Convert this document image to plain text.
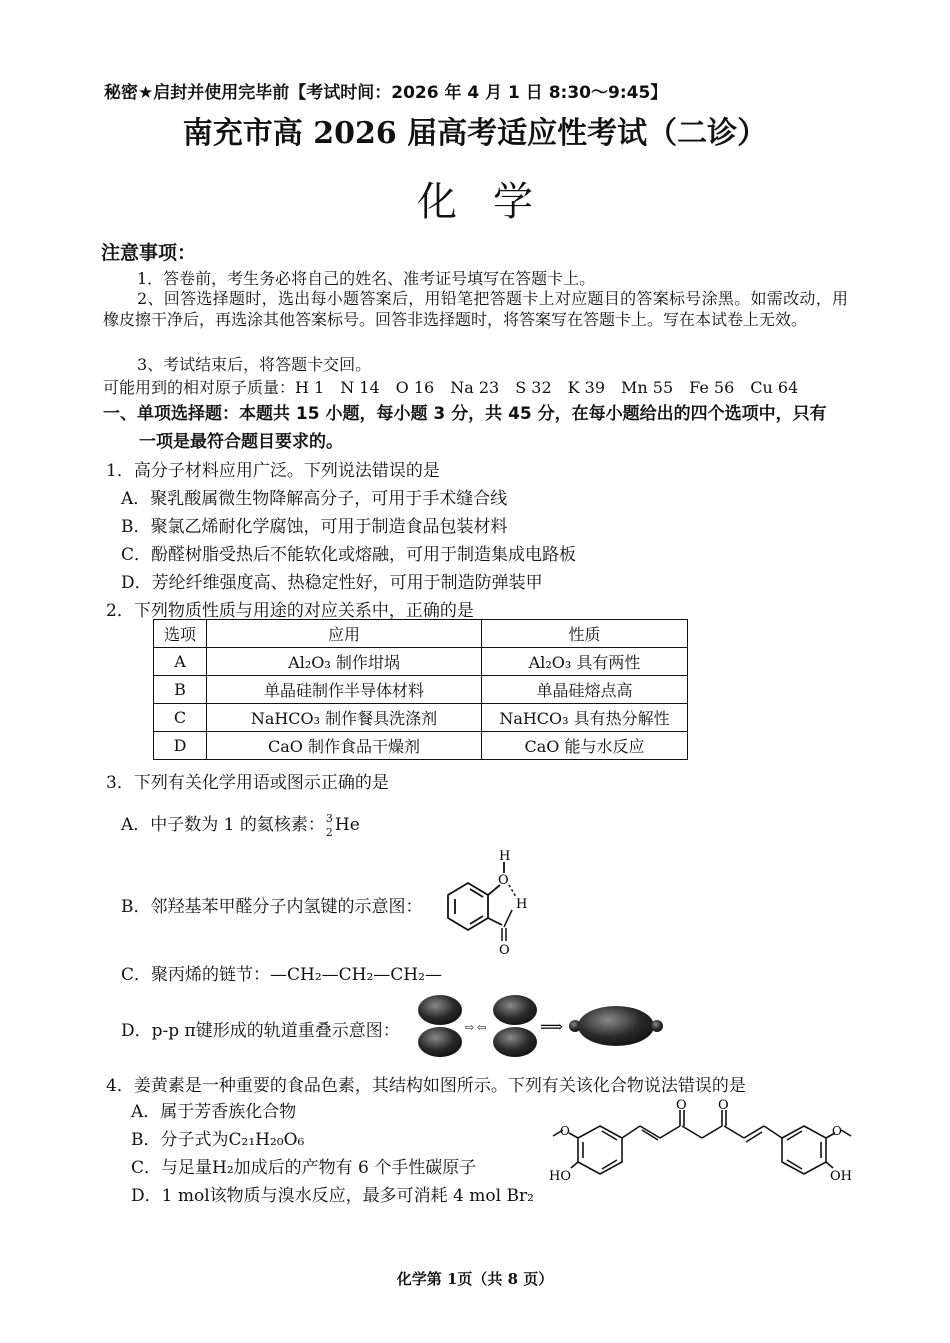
秘密★启封并使用完毕前【考试时间：2026 年 4 月 1 日 8:30～9:45】
南充市高 2026 届高考适应性考试（二诊）
化学
注意事项：
1．答卷前，考生务必将自己的姓名、准考证号填写在答题卡上。
2、回答选择题时，选出每小题答案后，用铅笔把答题卡上对应题目的答案标号涂黑。如需改动，用橡皮擦干净后，再选涂其他答案标号。回答非选择题时，将答案写在答题卡上。写在本试卷上无效。
3、考试结束后，将答题卡交回。
可能用到的相对原子质量：H 1　N 14　O 16　Na 23　S 32　K 39　Mn 55　Fe 56　Cu 64
一、单项选择题：本题共 15 小题，每小题 3 分，共 45 分，在每小题给出的四个选项中，只有
一项是最符合题目要求的。
1．高分子材料应用广泛。下列说法错误的是
A．聚乳酸属微生物降解高分子，可用于手术缝合线
B．聚氯乙烯耐化学腐蚀，可用于制造食品包装材料
C．酚醛树脂受热后不能软化或熔融，可用于制造集成电路板
D．芳纶纤维强度高、热稳定性好，可用于制造防弹装甲
2．下列物质性质与用途的对应关系中，正确的是
选项	应用	性质
A	Al₂O₃ 制作坩埚	Al₂O₃ 具有两性
B	单晶硅制作半导体材料	单晶硅熔点高
C	NaHCO₃ 制作餐具洗涤剂	NaHCO₃ 具有热分解性
D	CaO 制作食品干燥剂	CaO 能与水反应
3．下列有关化学用语或图示正确的是
A．中子数为 1 的氦核素： 3
2 He
B．邻羟基苯甲醛分子内氢键的示意图：
H
O
H
O
C．聚丙烯的链节：—CH₂—CH₂—CH₂—
D．p-p π键形成的轨道重叠示意图：	⇨ ⇦	⟹
4．姜黄素是一种重要的食品色素，其结构如图所示。下列有关该化合物说法错误的是
A．属于芳香族化合物
B．分子式为C₂₁H₂₀O₆
C．与足量H₂加成后的产物有 6 个手性碳原子
D．1 mol该物质与溴水反应，最多可消耗 4 mol Br₂
O
O O
O
HO	OH
化学第 1页（共 8 页）
